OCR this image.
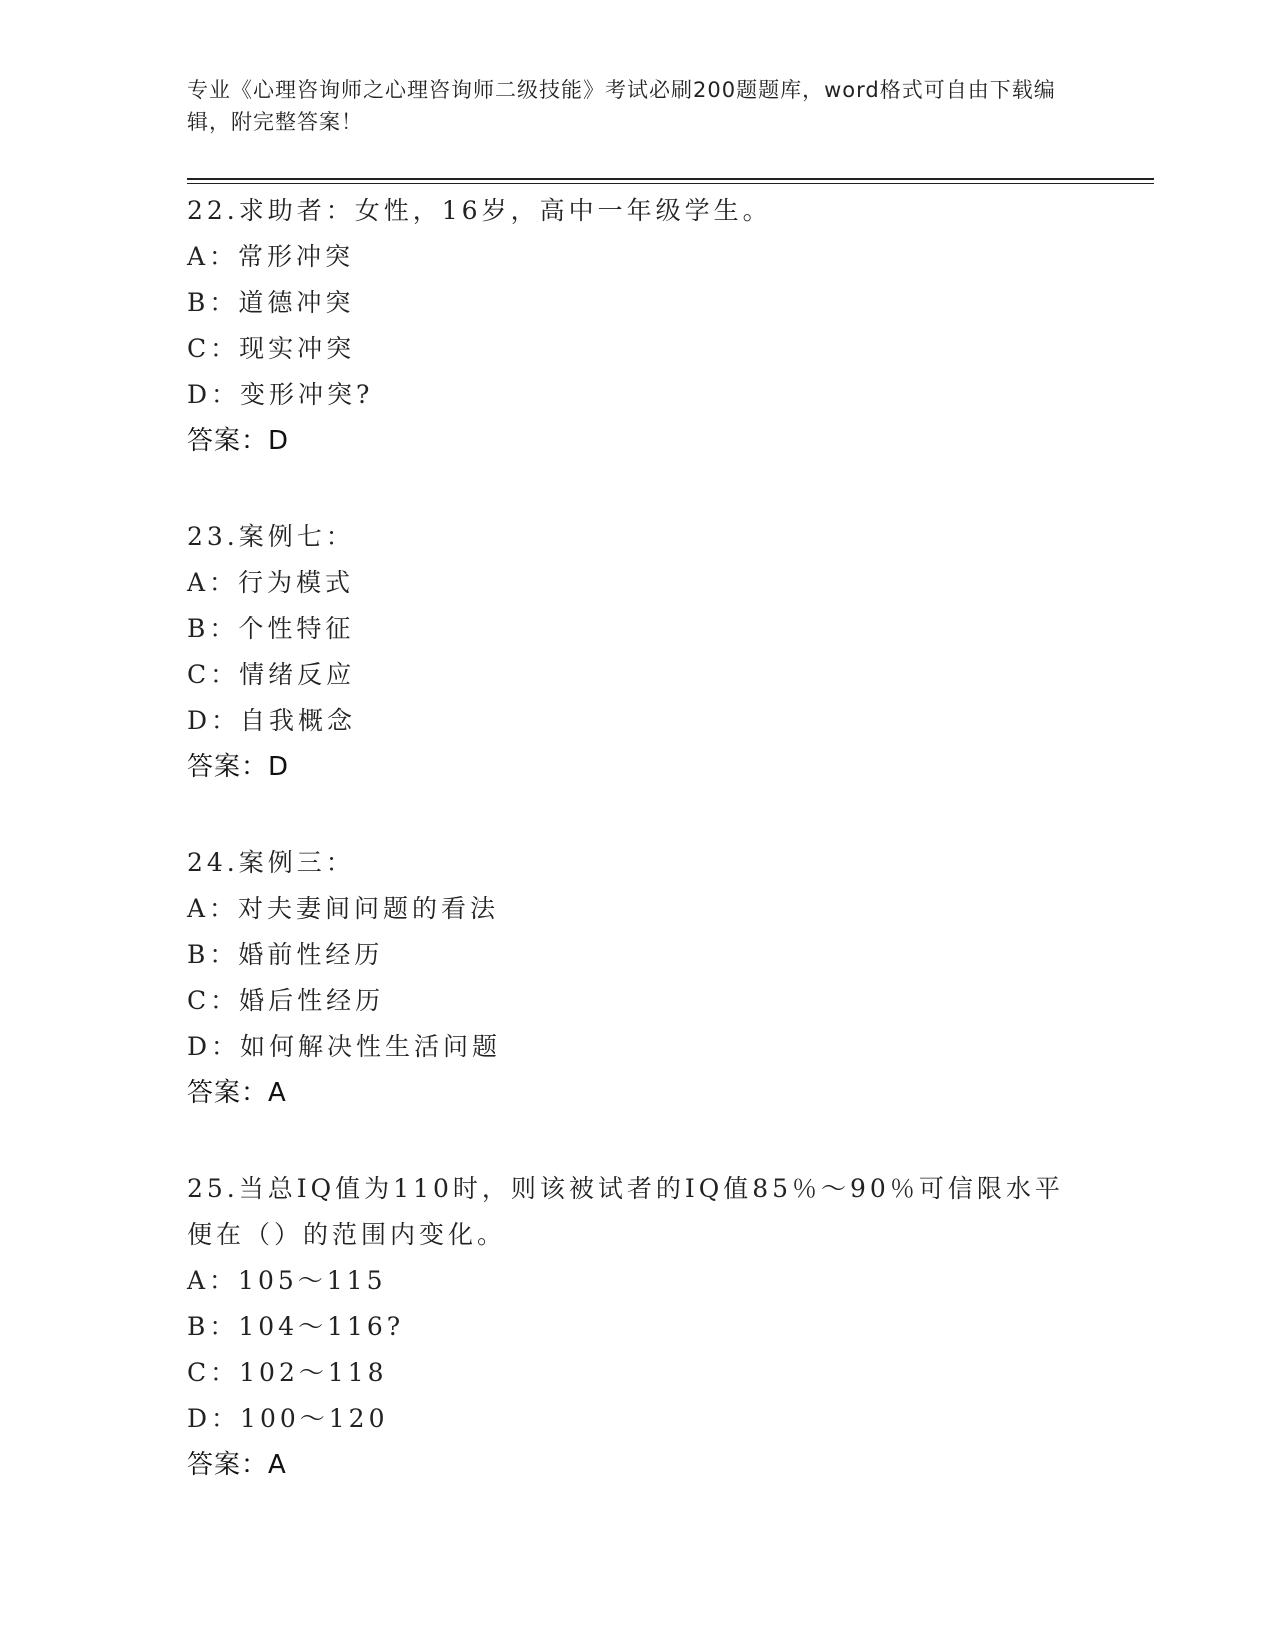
专业《心理咨询师之心理咨询师二级技能》考试必刷200题题库，word格式可自由下载编辑，附完整答案！
22.求助者：女性，16岁，高中一年级学生。
A：常形冲突
B：道德冲突
C：现实冲突
D：变形冲突?
答案：D
23.案例七：
A：行为模式
B：个性特征
C：情绪反应
D：自我概念
答案：D
24.案例三：
A：对夫妻间问题的看法
B：婚前性经历
C：婚后性经历
D：如何解决性生活问题
答案：A
25.当总IQ值为110时，则该被试者的IQ值85％～90％可信限水平便在（）的范围内变化。
A：105～115
B：104～116?
C：102～118
D：100～120
答案：A
